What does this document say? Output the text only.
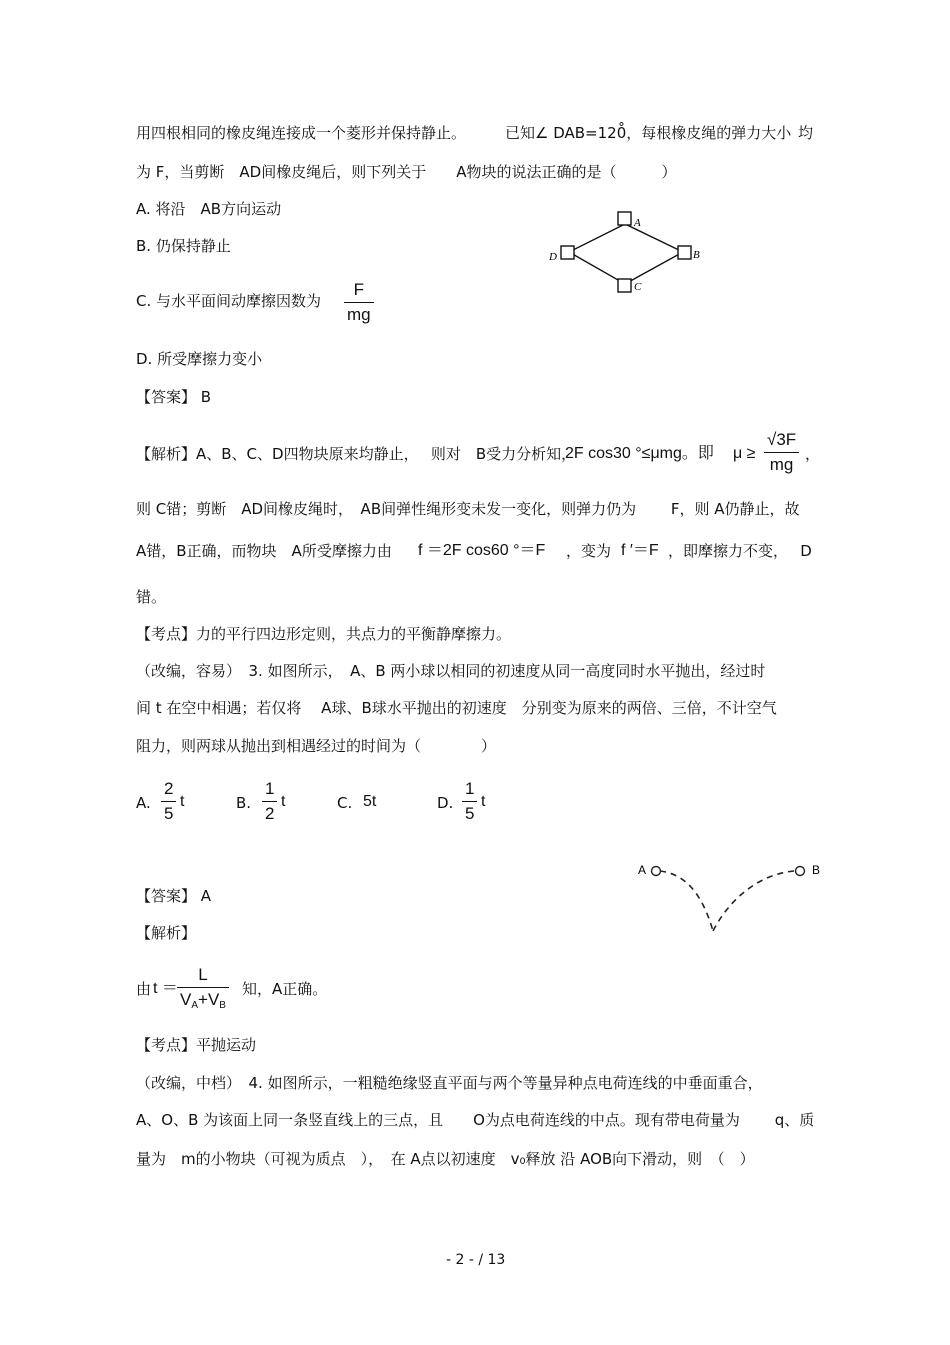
用四根相同的橡皮绳连接成一个菱形并保持静止。	已知∠ DAB=120̊，每根橡皮绳的弹力大小 均
为 F，当剪断　AD间橡皮绳后，则下列关于　　A物块的说法正确的是（　　　）
A. 将沿　AB方向运动
B. 仍保持静止
C. 与水平面间动摩擦因数为
F
mg
D. 所受摩擦力变小
A
B
C
D
【答案】 B
【解析】A、B、C、D四物块原来均静止，　 则对　B受力分析知，
2F cos30 °≤μmg。即 μ ≥
√3F
mg
，
则 C错；剪断　AD间橡皮绳时，　AB间弹性绳形变未发一变化，则弹力仍为　　 F，则 A仍静止，故
A错，B正确，而物块　A所受摩擦力由 f ＝2F cos60 °＝F ，变为 f ′＝F ，即摩擦力不变，　 D
错。
【考点】力的平行四边形定则，共点力的平衡静摩擦力。
（改编，容易）　3. 如图所示，　A、B 两小球以相同的初速度从同一高度同时水平抛出，经过时
间 t 在空中相遇；若仅将　 A球、B球水平抛出的初速度　分别变为原来的两倍、三倍，不计空气
阻力，则两球从抛出到相遇经过的时间为（　　　　）
A.
2
5
t	B.
1
2
t	C. 5t	D.
1
5
t
A	B
【答案】 A
【解析】
由 t ＝
L
$V_A+V_B$
知，A正确。
【考点】平抛运动
（改编，中档）　4. 如图所示，一粗糙绝缘竖直平面与两个等量异种点电荷连线的中垂面重合，
A、O、B 为该面上同一条竖直线上的三点，且　　O为点电荷连线的中点。现有带电荷量为　　 q、质
量为　m的小物块（可视为质点　），　在 A点以初速度　v₀释放 沿 AOB向下滑动，则　（　）
- 2 - / 13
